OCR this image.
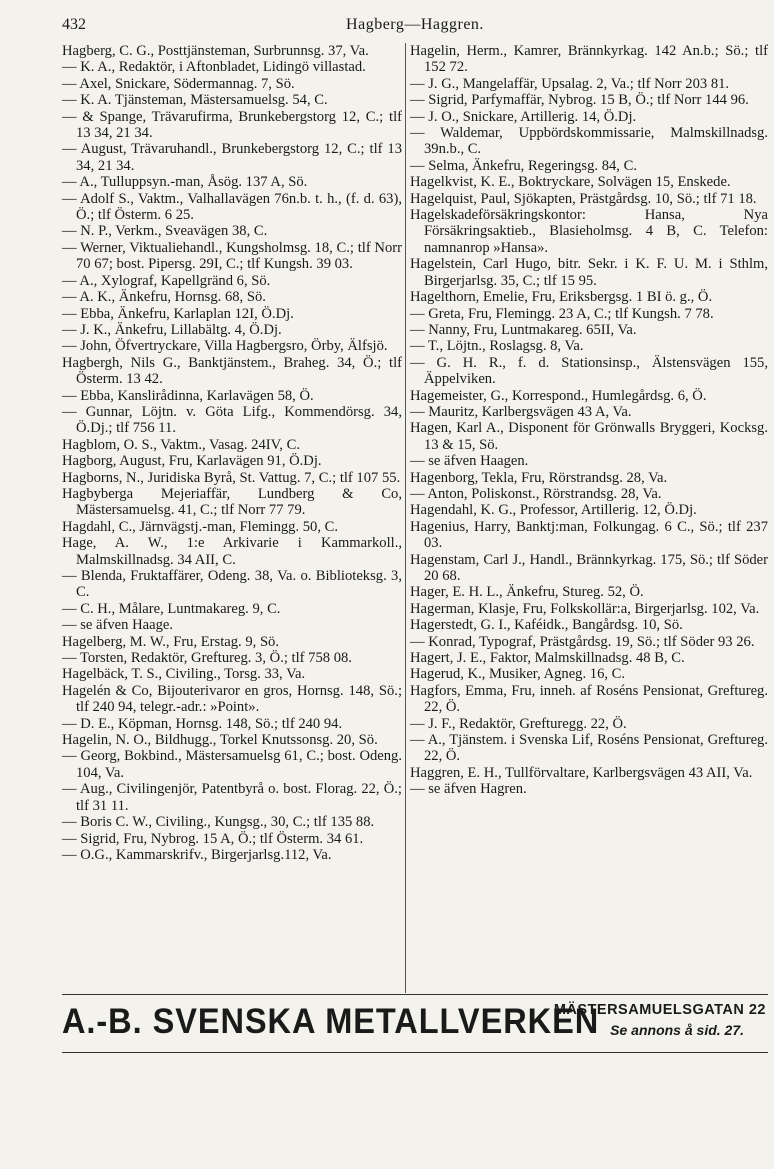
432	Hagberg—Haggren.

Hagberg, C. G., Posttjänsteman, Surbrunnsg. 37, Va.

— K. A., Redaktör, i Aftonbladet, Lidingö villastad.

— Axel, Snickare, Södermannag. 7, Sö.

— K. A. Tjänsteman, Mästersamuelsg. 54, C.

— & Spange, Trävarufirma, Brunkebergstorg 12, C.; tlf 13 34, 21 34.

— August, Trävaruhandl., Brunkebergstorg 12, C.; tlf 13 34, 21 34.

— A., Tulluppsyn.-man, Åsög. 137 A, Sö.

— Adolf S., Vaktm., Valhallavägen 76n.b. t. h., (f. d. 63), Ö.; tlf Österm. 6 25.

— N. P., Verkm., Sveavägen 38, C.

— Werner, Viktualiehandl., Kungsholmsg. 18, C.; tlf Norr 70 67; bost. Pipersg. 29I, C.; tlf Kungsh. 39 03.

— A., Xylograf, Kapellgränd 6, Sö.

— A. K., Änkefru, Hornsg. 68, Sö.

— Ebba, Änkefru, Karlaplan 12I, Ö.Dj.

— J. K., Änkefru, Lillabältg. 4, Ö.Dj.

— John, Öfvertryckare, Villa Hagbergsro, Örby, Älfsjö.

Hagbergh, Nils G., Banktjänstem., Braheg. 34, Ö.; tlf Österm. 13 42.

— Ebba, Kanslirådinna, Karlavägen 58, Ö.

— Gunnar, Löjtn. v. Göta Lifg., Kommendörsg. 34, Ö.Dj.; tlf 756 11.

Hagblom, O. S., Vaktm., Vasag. 24IV, C.

Hagborg, August, Fru, Karlavägen 91, Ö.Dj.

Hagborns, N., Juridiska Byrå, St. Vattug. 7, C.; tlf 107 55.

Hagbyberga Mejeriaffär, Lundberg & Co, Mästersamuelsg. 41, C.; tlf Norr 77 79.

Hagdahl, C., Järnvägstj.-man, Flemingg. 50, C.

Hage, A. W., 1:e Arkivarie i Kammarkoll., Malmskillnadsg. 34 AII, C.

— Blenda, Fruktaffärer, Odeng. 38, Va. o. Biblioteksg. 3, C.

— C. H., Målare, Luntmakareg. 9, C.

— se äfven Haage.

Hagelberg, M. W., Fru, Erstag. 9, Sö.

— Torsten, Redaktör, Greftureg. 3, Ö.; tlf 758 08.

Hagelbäck, T. S., Civiling., Torsg. 33, Va.

Hagelén & Co, Bijouterivaror en gros, Hornsg. 148, Sö.; tlf 240 94, telegr.-adr.: »Point».

— D. E., Köpman, Hornsg. 148, Sö.; tlf 240 94.

Hagelin, N. O., Bildhugg., Torkel Knutssonsg. 20, Sö.

— Georg, Bokbind., Mästersamuelsg 61, C.; bost. Odeng. 104, Va.

— Aug., Civilingenjör, Patentbyrå o. bost. Florag. 22, Ö.; tlf 31 11.

— Boris C. W., Civiling., Kungsg., 30, C.; tlf 135 88.

— Sigrid, Fru, Nybrog. 15 A, Ö.; tlf Österm. 34 61.

— O.G., Kammarskrifv., Birgerjarlsg.112, Va.

Hagelin, Herm., Kamrer, Brännkyrkag. 142 An.b.; Sö.; tlf 152 72.

— J. G., Mangelaffär, Upsalag. 2, Va.; tlf Norr 203 81.

— Sigrid, Parfymaffär, Nybrog. 15 B, Ö.; tlf Norr 144 96.

— J. O., Snickare, Artillerig. 14, Ö.Dj.

— Waldemar, Uppbördskommissarie, Malmskillnadsg. 39n.b., C.

— Selma, Änkefru, Regeringsg. 84, C.

Hagelkvist, K. E., Boktryckare, Solvägen 15, Enskede.

Hagelquist, Paul, Sjökapten, Prästgårdsg. 10, Sö.; tlf 71 18.

Hagelskadeförsäkringskontor: Hansa, Nya Försäkringsaktieb., Blasieholmsg. 4 B, C. Telefon: namnanrop »Hansa».

Hagelstein, Carl Hugo, bitr. Sekr. i K. F. U. M. i Sthlm, Birgerjarlsg. 35, C.; tlf 15 95.

Hagelthorn, Emelie, Fru, Eriksbergsg. 1 BI ö. g., Ö.

— Greta, Fru, Flemingg. 23 A, C.; tlf Kungsh. 7 78.

— Nanny, Fru, Luntmakareg. 65II, Va.

— T., Löjtn., Roslagsg. 8, Va.

— G. H. R., f. d. Stationsinsp., Älstensvägen 155, Äppelviken.

Hagemeister, G., Korrespond., Humlegårdsg. 6, Ö.

— Mauritz, Karlbergsvägen 43 A, Va.

Hagen, Karl A., Disponent för Grönwalls Bryggeri, Kocksg. 13 & 15, Sö.

— se äfven Haagen.

Hagenborg, Tekla, Fru, Rörstrandsg. 28, Va.

— Anton, Poliskonst., Rörstrandsg. 28, Va.

Hagendahl, K. G., Professor, Artillerig. 12, Ö.Dj.

Hagenius, Harry, Banktj:man, Folkungag. 6 C., Sö.; tlf 237 03.

Hagenstam, Carl J., Handl., Brännkyrkag. 175, Sö.; tlf Söder 20 68.

Hager, E. H. L., Änkefru, Stureg. 52, Ö.

Hagerman, Klasje, Fru, Folkskollär:a, Birgerjarlsg. 102, Va.

Hagerstedt, G. I., Kaféidk., Bangårdsg. 10, Sö.

— Konrad, Typograf, Prästgårdsg. 19, Sö.; tlf Söder 93 26.

Hagert, J. E., Faktor, Malmskillnadsg. 48 B, C.

Hagerud, K., Musiker, Agneg. 16, C.

Hagfors, Emma, Fru, inneh. af Roséns Pensionat, Greftureg. 22, Ö.

— J. F., Redaktör, Grefturegg. 22, Ö.

— A., Tjänstem. i Svenska Lif, Roséns Pensionat, Greftureg. 22, Ö.

Haggren, E. H., Tullförvaltare, Karlbergsvägen 43 AII, Va.

— se äfven Hagren.

A.-B. SVENSKA METALLVERKEN
MÄSTERSAMUELSGATAN 22
Se annons å sid. 27.
